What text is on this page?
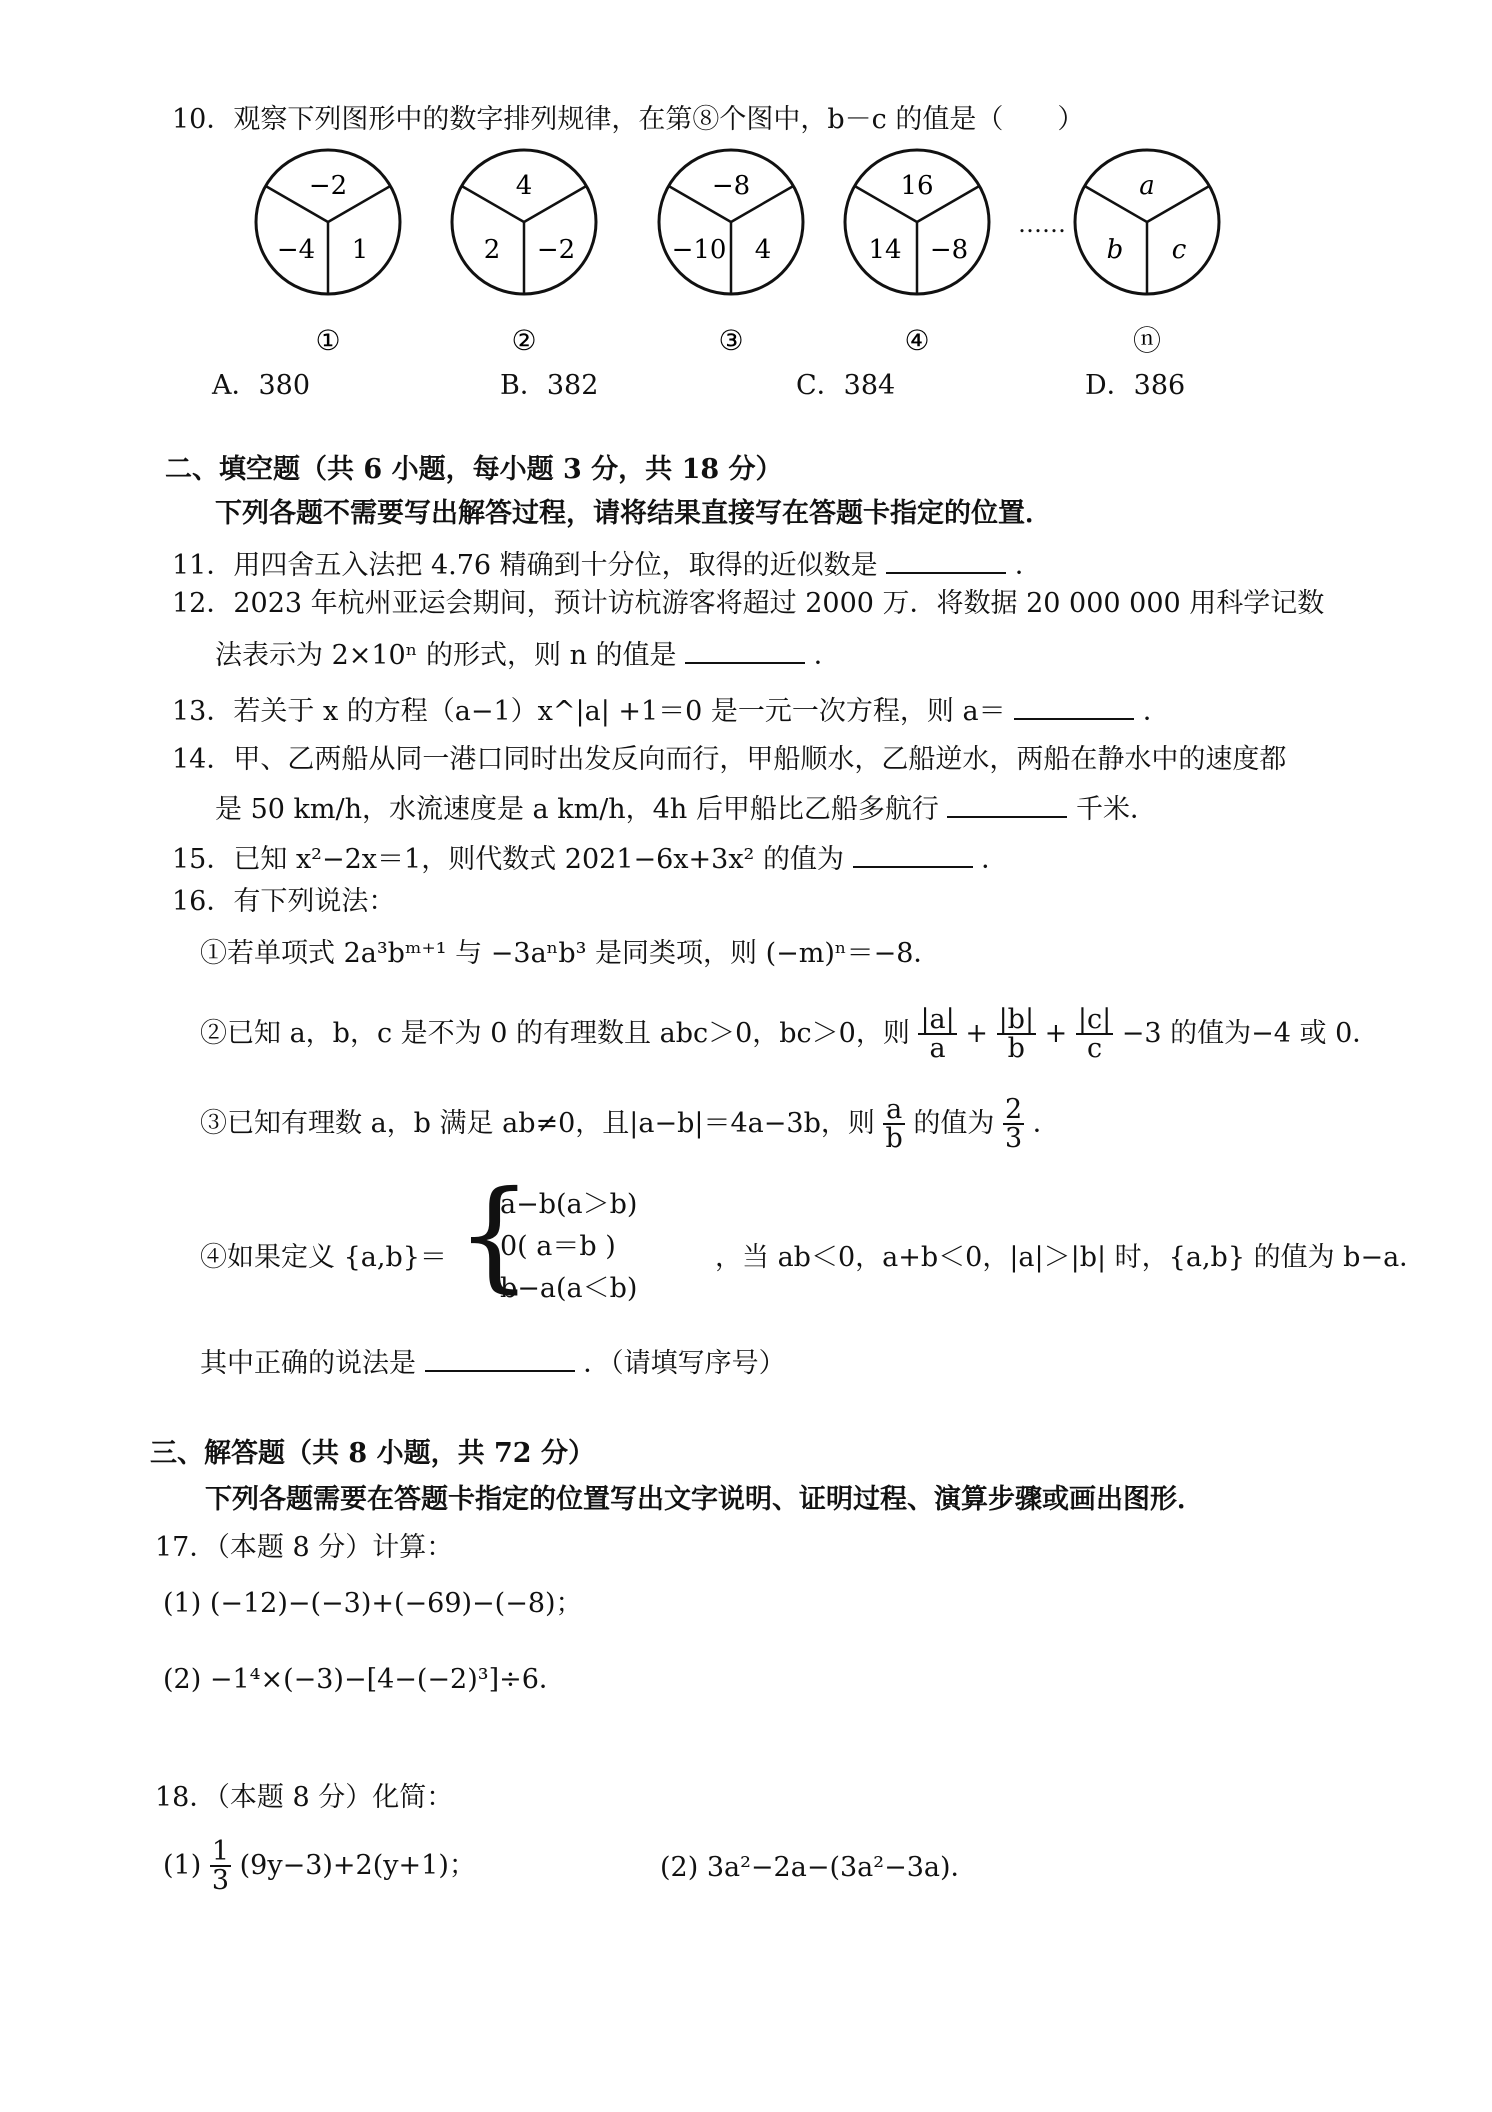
10．观察下列图形中的数字排列规律，在第⑧个图中，b－c 的值是（　　）
−2
−4 1
①
4
2 −2
②
−8
−10 4
③
16
14 −8
④
a
b c
ⓝ
……
A．380	B．382	C．384	D．386
二、填空题（共 6 小题，每小题 3 分，共 18 分）
下列各题不需要写出解答过程，请将结果直接写在答题卡指定的位置．
11．用四舍五入法把 4.76 精确到十分位，取得的近似数是	．
12．2023 年杭州亚运会期间，预计访杭游客将超过 2000 万．将数据 20 000 000 用科学记数
法表示为 2×10ⁿ 的形式，则 n 的值是	．
13．若关于 x 的方程（a−1）x^|a| +1＝0 是一元一次方程，则 a＝	．
14．甲、乙两船从同一港口同时出发反向而行，甲船顺水，乙船逆水，两船在静水中的速度都
是 50 km/h，水流速度是 a km/h，4h 后甲船比乙船多航行	千米．
15．已知 x²−2x＝1，则代数式 2021−6x+3x² 的值为	．
16．有下列说法：
①若单项式 2a³bᵐ⁺¹ 与 −3aⁿb³ 是同类项，则 (−m)ⁿ＝−8．
②已知 a，b，c 是不为 0 的有理数且 abc＞0，bc＞0，则 $\frac{|a|}{a} + \frac{|b|}{b} + \frac{|c|}{c} -3$ 的值为−4 或 0．
③已知有理数 a，b 满足 ab≠0，且|a−b|＝4a−3b，则 $\frac{a}{b}$ 的值为 $\frac{2}{3}$ ．
④如果定义 {a,b}＝ {
a−b(a＞b)
0( a＝b )
b−a(a＜b)
，当 ab＜0，a+b＜0，|a|＞|b| 时，{a,b} 的值为 b−a．
其中正确的说法是	．（请填写序号）
三、解答题（共 8 小题，共 72 分）
下列各题需要在答题卡指定的位置写出文字说明、证明过程、演算步骤或画出图形．
17．（本题 8 分）计算：
(1) (−12)−(−3)+(−69)−(−8)；
(2) −1⁴×(−3)−[4−(−2)³]÷6．
18．（本题 8 分）化简：
$(1) \frac{1}{3} (9y-3)+2(y+1)$；	(2) 3a²−2a−(3a²−3a)．
